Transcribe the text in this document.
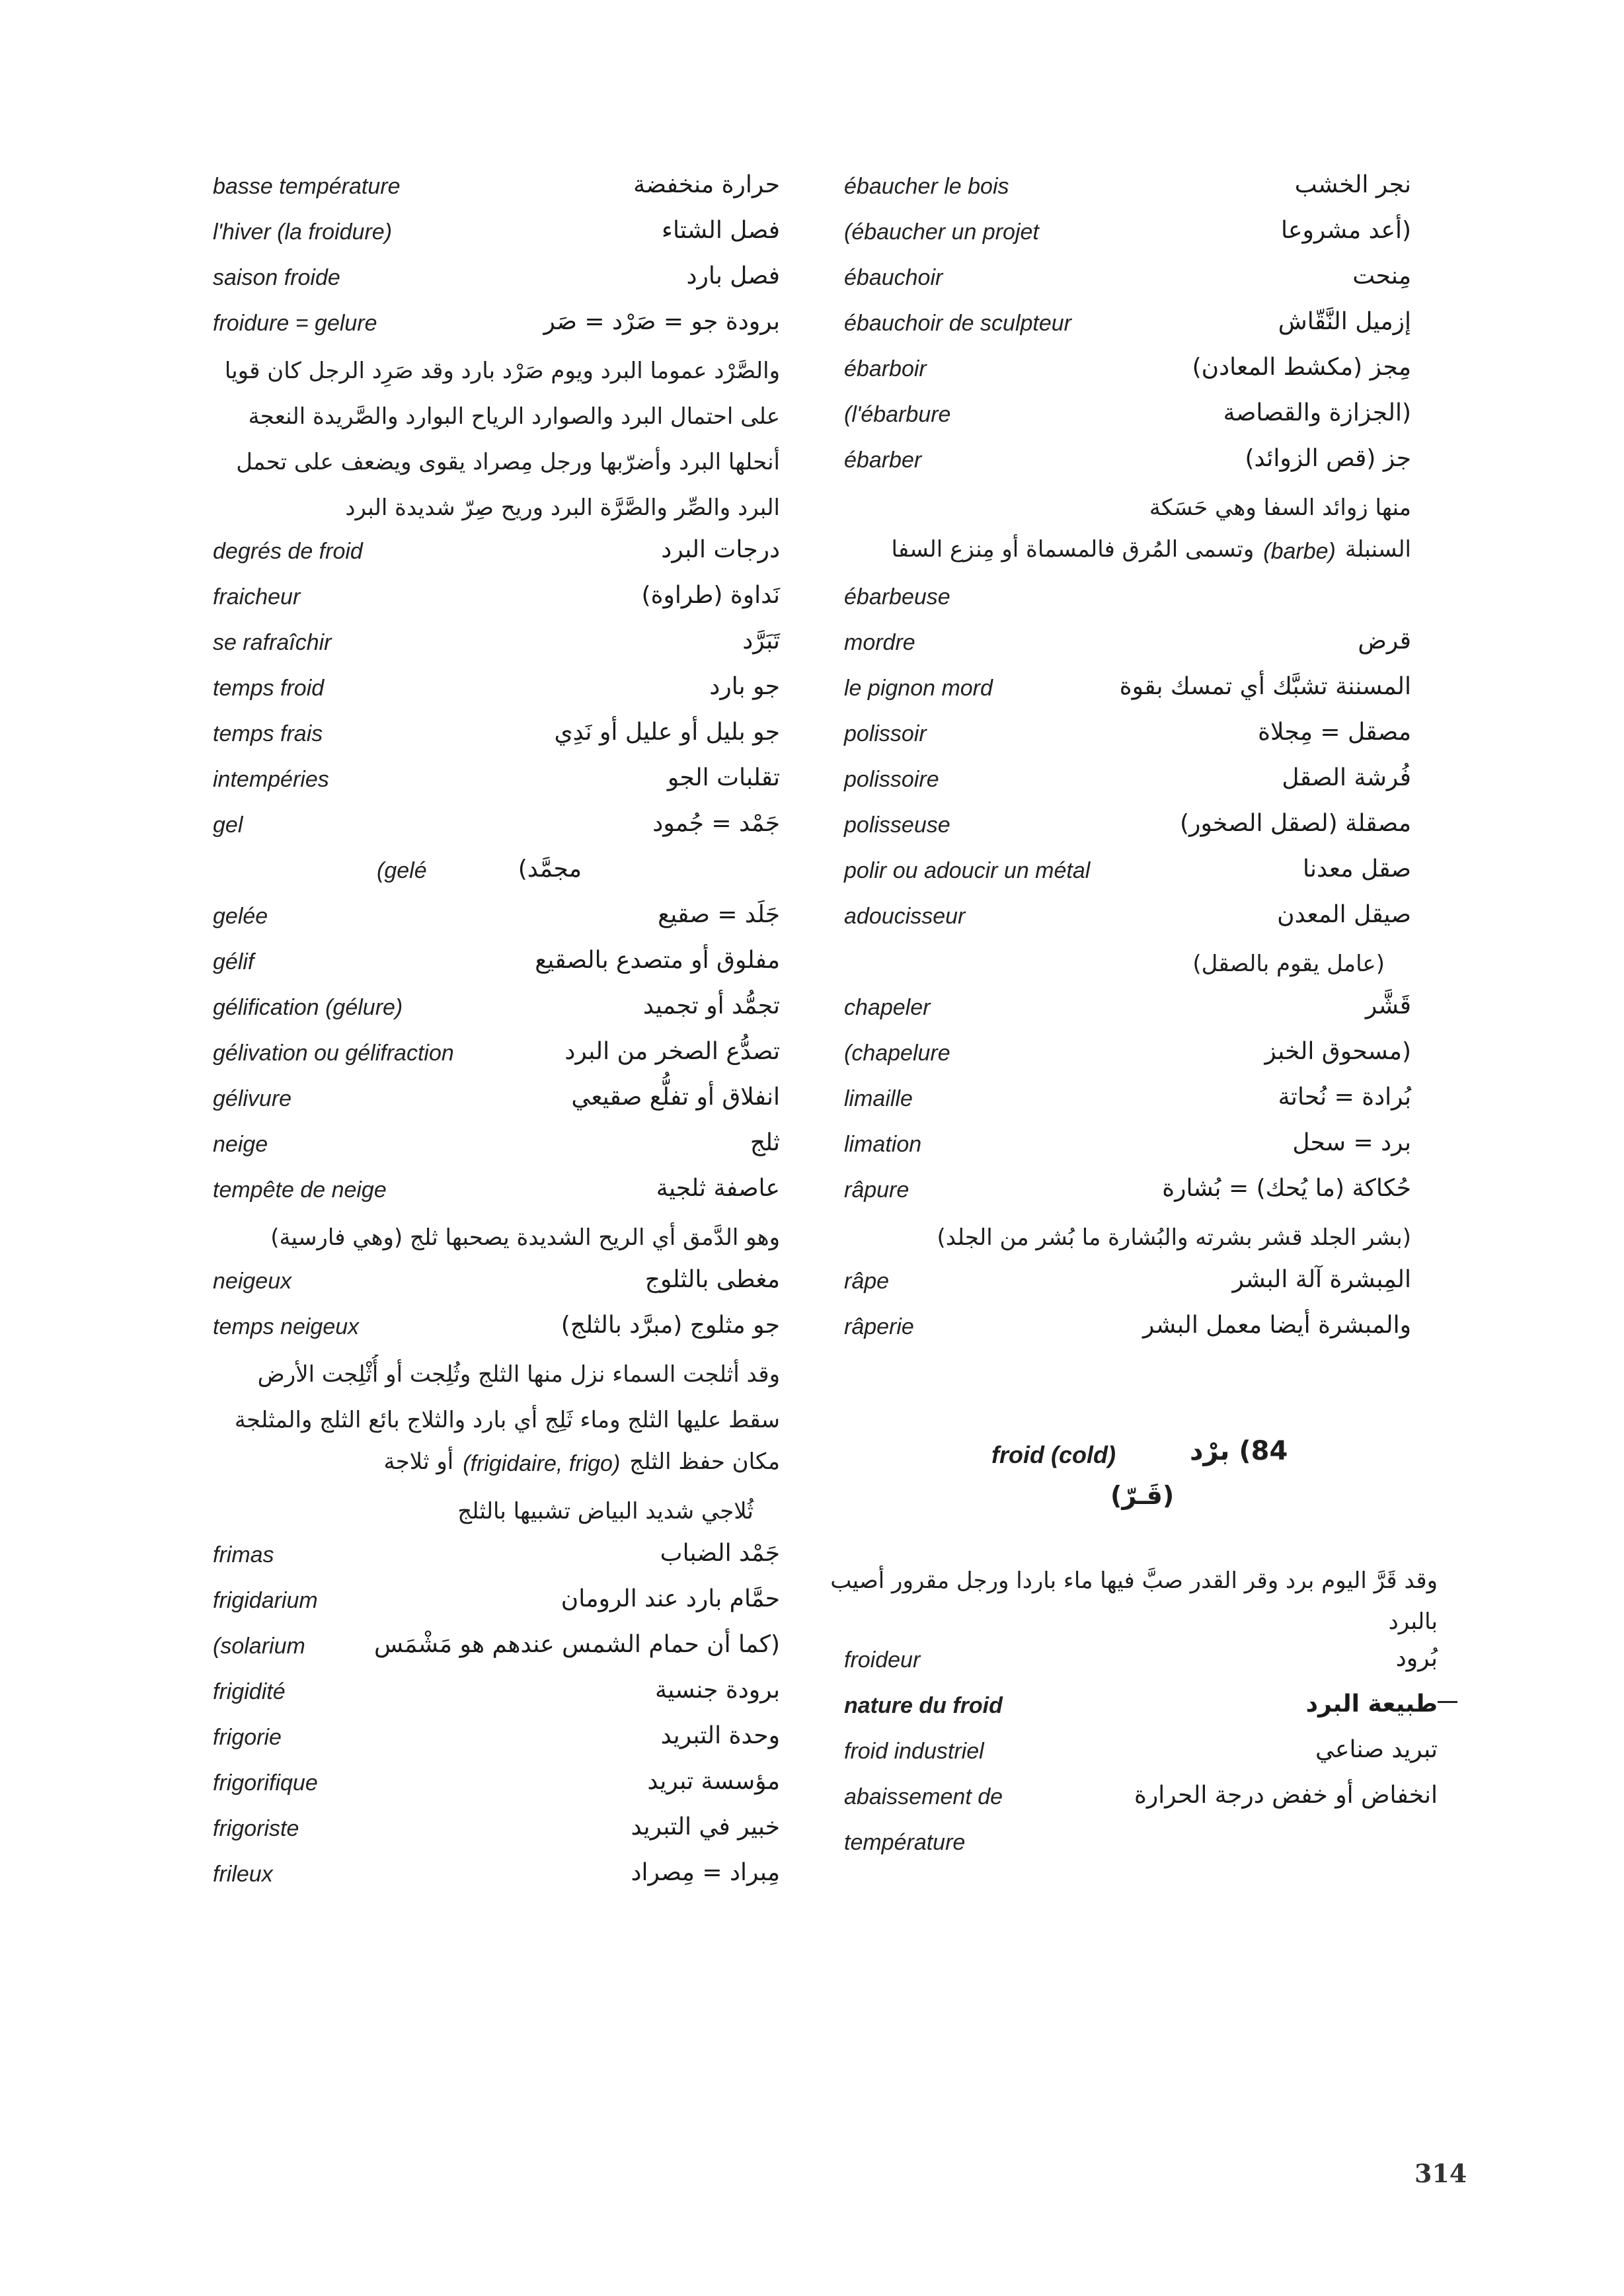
basse température	حرارة منخفضة
l'hiver (la froidure)	فصل الشتاء
saison froide	فصل بارد
froidure = gelure	برودة جو = صَرْد = صَر
والصَّرْد عموما البرد ويوم صَرْد بارد وقد صَرِد الرجل كان قويا
على احتمال البرد والصوارد الرياح البوارد والصَّريدة النعجة
أنحلها البرد وأضرّبها ورجل مِصراد يقوى ويضعف على تحمل
البرد والصِّر والصَّرَّة البرد وريح صِرّ شديدة البرد
degrés de froid	درجات البرد
fraicheur	نَداوة (طراوة)
se rafraîchir	تَبَرَّد
temps froid	جو بارد
temps frais	جو بليل أو عليل أو نَدِي
intempéries	تقلبات الجو
gel	جَمْد = جُمود
(gelé	مجمَّد)
gelée	جَلَد = صقيع
gélif	مفلوق أو متصدع بالصقيع
gélification (gélure)	تجمُّد أو تجميد
gélivation ou gélifraction	تصدُّع الصخر من البرد
gélivure	انفلاق أو تفلُّع صقيعي
neige	ثلج
tempête de neige	عاصفة ثلجية
وهو الدَّمق أي الريح الشديدة يصحبها ثلج (وهي فارسية)
neigeux	مغطى بالثلوج
temps neigeux	جو مثلوج (مبرَّد بالثلج)
وقد أثلجت السماء نزل منها الثلج وثُلِجت أو أُثْلِجت الأرض
سقط عليها الثلج وماء ثَلِج أي بارد والثلاج بائع الثلج والمثلجة
مكان حفظ الثلج
(frigidaire, frigo)
أو ثلاجة
ثُلاجي شديد البياض تشبيها بالثلج
frimas	جَمْد الضباب
frigidarium	حمَّام بارد عند الرومان
(solarium	(كما أن حمام الشمس عندهم هو مَشْمَس
frigidité	برودة جنسية
frigorie	وحدة التبريد
frigorifique	مؤسسة تبريد
frigoriste	خبير في التبريد
frileux	مِبراد = مِصراد
ébaucher le bois	نجر الخشب
(ébaucher un projet	(أعد مشروعا
ébauchoir	مِنحت
ébauchoir de sculpteur	إزميل النَّقّاش
ébarboir	مِجز (مكشط المعادن)
(l'ébarbure	(الجزازة والقصاصة
ébarber	جز (قص الزوائد)
منها زوائد السفا وهي حَسَكة
السنبلة
(barbe)
وتسمى المُرق فالمسماة أو مِنزع السفا
ébarbeuse
mordre	قرض
le pignon mord	المسننة تشبَّك أي تمسك بقوة
polissoir	مصقل = مِجلاة
polissoire	فُرشة الصقل
polisseuse	مصقلة (لصقل الصخور)
polir ou adoucir un métal	صقل معدنا
adoucisseur	صيقل المعدن
(عامل يقوم بالصقل)
chapeler	قَشَّر
(chapelure	(مسحوق الخبز
limaille	بُرادة = نُحاتة
limation	برد = سحل
râpure	حُكاكة (ما يُحك) = بُشارة
(بشر الجلد قشر بشرته والبُشارة ما بُشر من الجلد)
râpe	المِبشرة آلة البشر
râperie	والمبشرة أيضا معمل البشر
froid (cold)	84) برْد
(قَـرّ)
وقد قَرَّ اليوم برد وقر القدر صبَّ فيها ماء باردا ورجل مقرور أصيب
بالبرد
froideur	بُرود
nature du froid	طبيعة البرد
froid industriel	تبريد صناعي
abaissement de	انخفاض أو خفض درجة الحرارة
température
314
